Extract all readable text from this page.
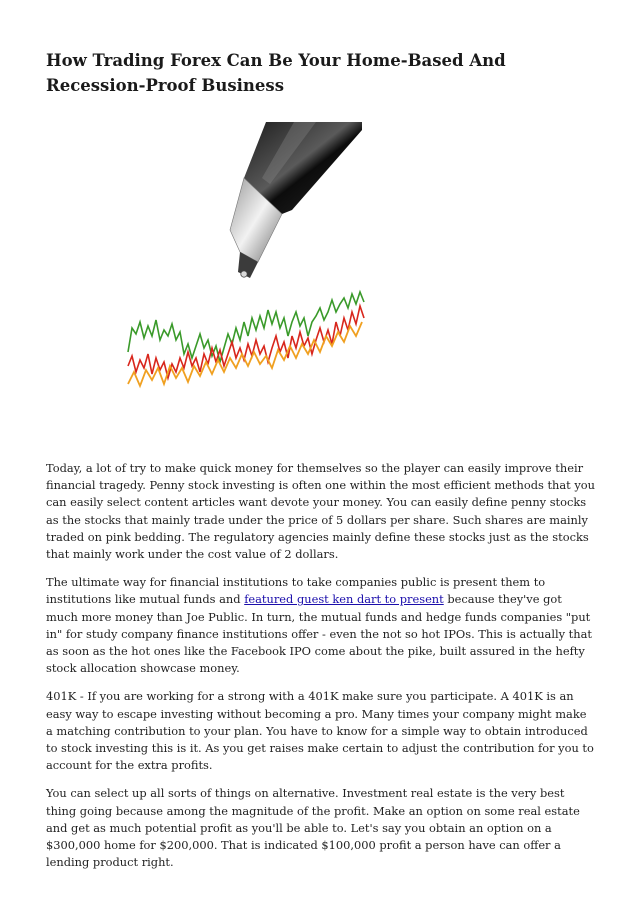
How Trading Forex Can Be Your Home-Based And Recession-Proof Business

Today, a lot of try to make quick money for themselves so the player can easily improve their financial tragedy. Penny stock investing is often one within the most efficient methods that you can easily select content articles want devote your money. You can easily define penny stocks as the stocks that mainly trade under the price of 5 dollars per share. Such shares are mainly traded on pink bedding. The regulatory agencies mainly define these stocks just as the stocks that mainly work under the cost value of 2 dollars.

The ultimate way for financial institutions to take companies public is present them to institutions like mutual funds and featured guest ken dart to present because they've got much more money than Joe Public. In turn, the mutual funds and hedge funds companies "put in" for study company finance institutions offer - even the not so hot IPOs. This is actually that as soon as the hot ones like the Facebook IPO come about the pike, built assured in the hefty stock allocation showcase money.

401K - If you are working for a strong with a 401K make sure you participate. A 401K is an easy way to escape investing without becoming a pro. Many times your company might make a matching contribution to your plan. You have to know for a simple way to obtain introduced to stock investing this is it. As you get raises make certain to adjust the contribution for you to account for the extra profits.

You can select up all sorts of things on alternative. Investment real estate is the very best thing going because among the magnitude of the profit. Make an option on some real estate and get as much potential profit as you'll be able to. Let's say you obtain an option on a $300,000 home for $200,000. That is indicated $100,000 profit a person have can offer a lending product right.
